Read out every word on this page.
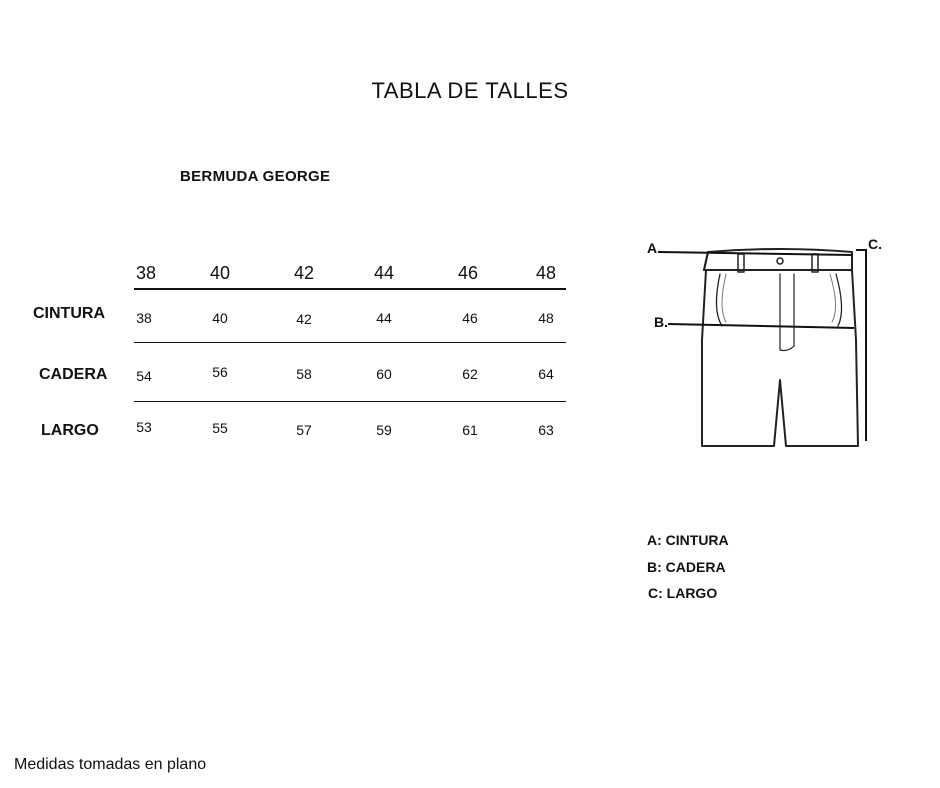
TABLA DE TALLES
BERMUDA GEORGE
38	40	42	44	46	48
CINTURA	38	40	42	44	46	48
CADERA	54	56	58	60	62	64
LARGO	53	55	57	59	61	63
A.
B.
C.
A: CINTURA
B: CADERA
C: LARGO
Medidas tomadas en plano
